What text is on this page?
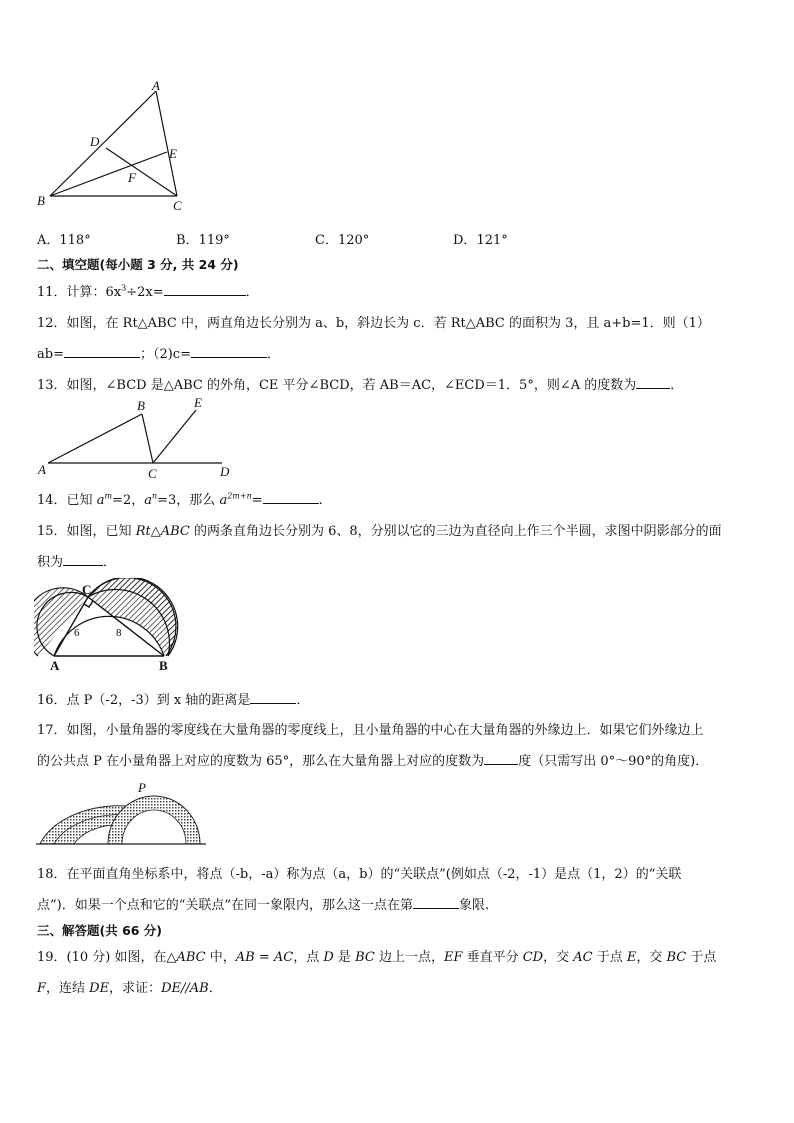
A
B	C
D
E
F
A．118°	B．119°	C．120°	D．121°
二、填空题(每小题 3 分, 共 24 分)
11．计算：$6x^3\div 2x=$	．
12．如图，在 Rt△ABC 中，两直角边长分别为 a、b，斜边长为 c．若 Rt△ABC 的面积为 3，且 a+b=1．则（1）
ab=	；（2)c=	．
13．如图，∠BCD 是△ABC 的外角，CE 平分∠BCD，若 AB＝AC，∠ECD＝1．5°，则∠A 的度数为	．
A
B
C	D
E
14．已知 $a^m=2$，$a^n=3$，那么 $a^{2m+n}=$	.
15．如图，已知 Rt△ABC 的两条直角边长分别为 6、8，分别以它的三边为直径向上作三个半圆，求图中阴影部分的面
积为	．
C
A	B
6	8
16．点 P（-2，-3）到 x 轴的距离是	．
17．如图，小量角器的零度线在大量角器的零度线上，且小量角器的中心在大量角器的外缘边上．如果它们外缘边上
的公共点 P 在小量角器上对应的度数为 65°，那么在大量角器上对应的度数为	度（只需写出 0°～90°的角度)．
P
18．在平面直角坐标系中，将点（-b，-a）称为点（a，b）的“关联点”(例如点（-2，-1）是点（1，2）的“关联
点”)．如果一个点和它的“关联点”在同一象限内，那么这一点在第	象限.
三、解答题(共 66 分)
19．(10 分) 如图，在△ABC 中，AB = AC，点 D 是 BC 边上一点，EF 垂直平分 CD，交 AC 于点 E，交 BC 于点
F，连结 DE，求证：DE//AB．
